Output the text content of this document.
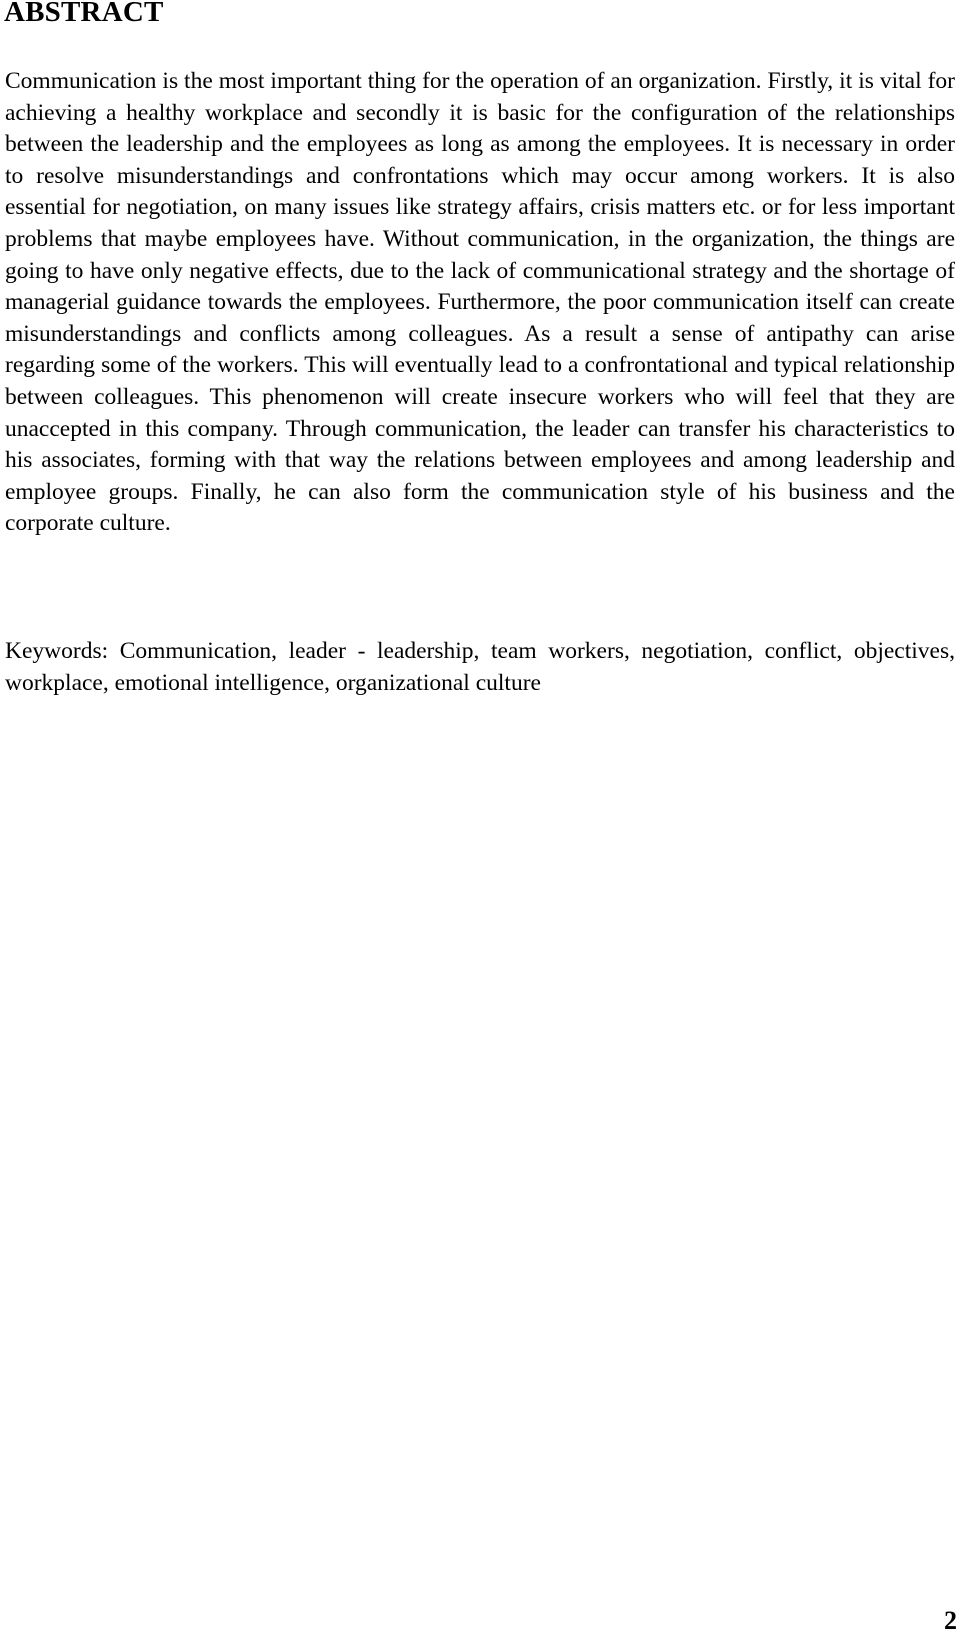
ABSTRACT

Communication is the most important thing for the operation of an organization. Firstly, it is vital for achieving a healthy workplace and secondly it is basic for the configuration of the relationships between the leadership and the employees as long as among the employees. It is necessary in order to resolve misunderstandings and confrontations which may occur among workers. It is also essential for negotiation, on many issues like strategy affairs, crisis matters etc. or for less important problems that maybe employees have. Without communication, in the organization, the things are going to have only negative effects, due to the lack of communicational strategy and the shortage of managerial guidance towards the employees. Furthermore, the poor communication itself can create misunderstandings and conflicts among colleagues. As a result a sense of antipathy can arise regarding some of the workers. This will eventually lead to a confrontational and typical relationship between colleagues. This phenomenon will create insecure workers who will feel that they are unaccepted in this company. Through communication, the leader can transfer his characteristics to his associates, forming with that way the relations between employees and among leadership and employee groups. Finally, he can also form the communication style of his business and the corporate culture.

Keywords: Communication, leader - leadership, team workers, negotiation, conflict, objectives, workplace, emotional intelligence, organizational culture

2
